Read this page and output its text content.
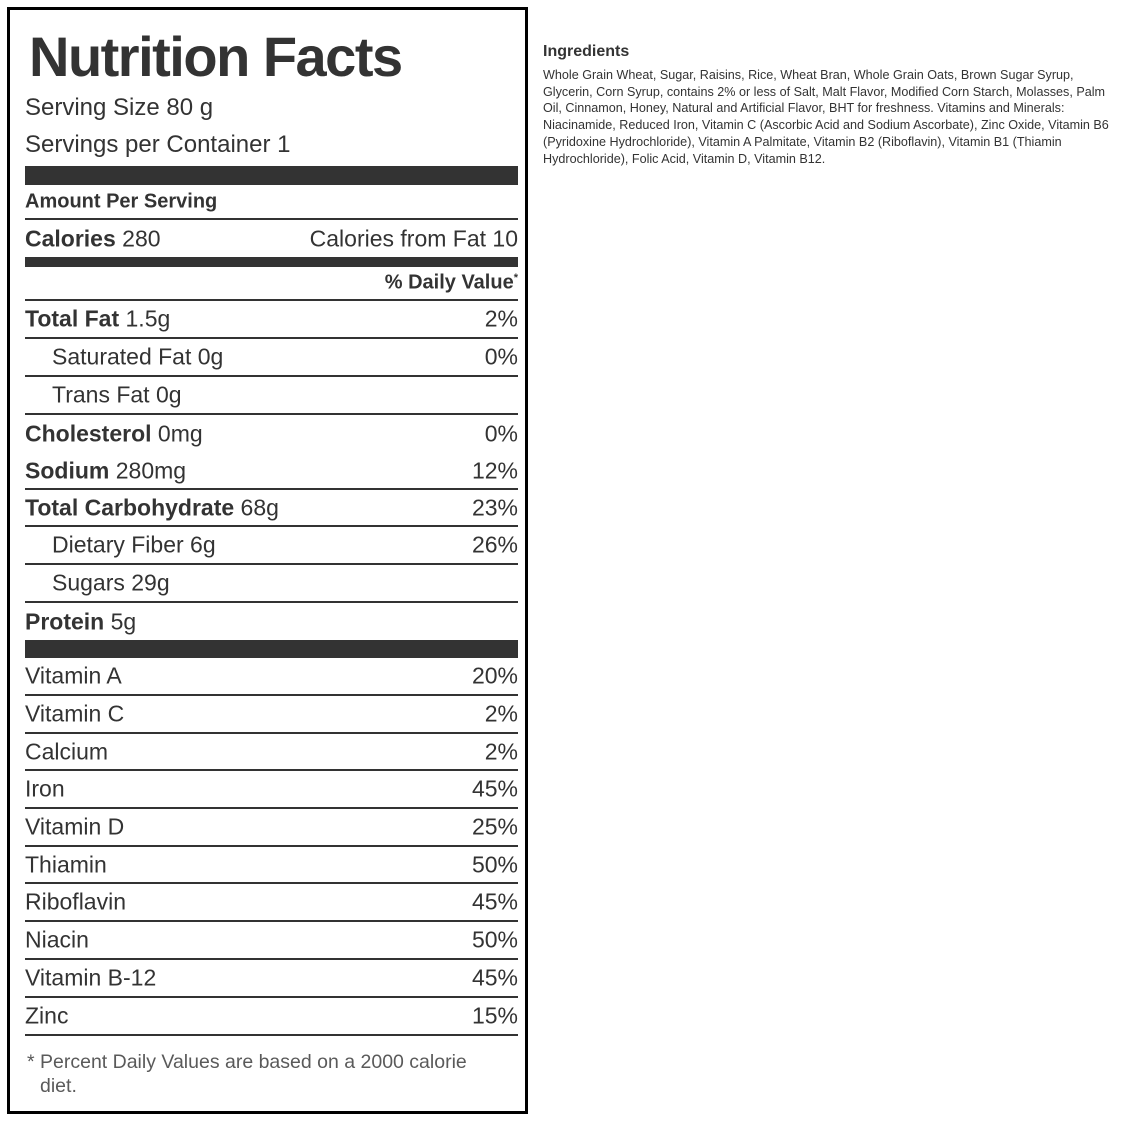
Nutrition Facts
Serving Size 80 g
Servings per Container 1
Amount Per Serving
Calories 280	Calories from Fat 10
% Daily Value*
Total Fat 1.5g	2%
Saturated Fat 0g	0%
Trans Fat 0g
Cholesterol 0mg	0%
Sodium 280mg	12%
Total Carbohydrate 68g	23%
Dietary Fiber 6g	26%
Sugars 29g
Protein 5g
Vitamin A	20%
Vitamin C	2%
Calcium	2%
Iron	45%
Vitamin D	25%
Thiamin	50%
Riboflavin	45%
Niacin	50%
Vitamin B-12	45%
Zinc	15%
* Percent Daily Values are based on a 2000 calorie
diet.
Ingredients
Whole Grain Wheat, Sugar, Raisins, Rice, Wheat Bran, Whole Grain Oats, Brown Sugar Syrup, Glycerin, Corn Syrup, contains 2% or less of Salt, Malt Flavor, Modified Corn Starch, Molasses, Palm Oil, Cinnamon, Honey, Natural and Artificial Flavor, BHT for freshness. Vitamins and Minerals: Niacinamide, Reduced Iron, Vitamin C (Ascorbic Acid and Sodium Ascorbate), Zinc Oxide, Vitamin B6 (Pyridoxine Hydrochloride), Vitamin A Palmitate, Vitamin B2 (Riboflavin), Vitamin B1 (Thiamin Hydrochloride), Folic Acid, Vitamin D, Vitamin B12.
